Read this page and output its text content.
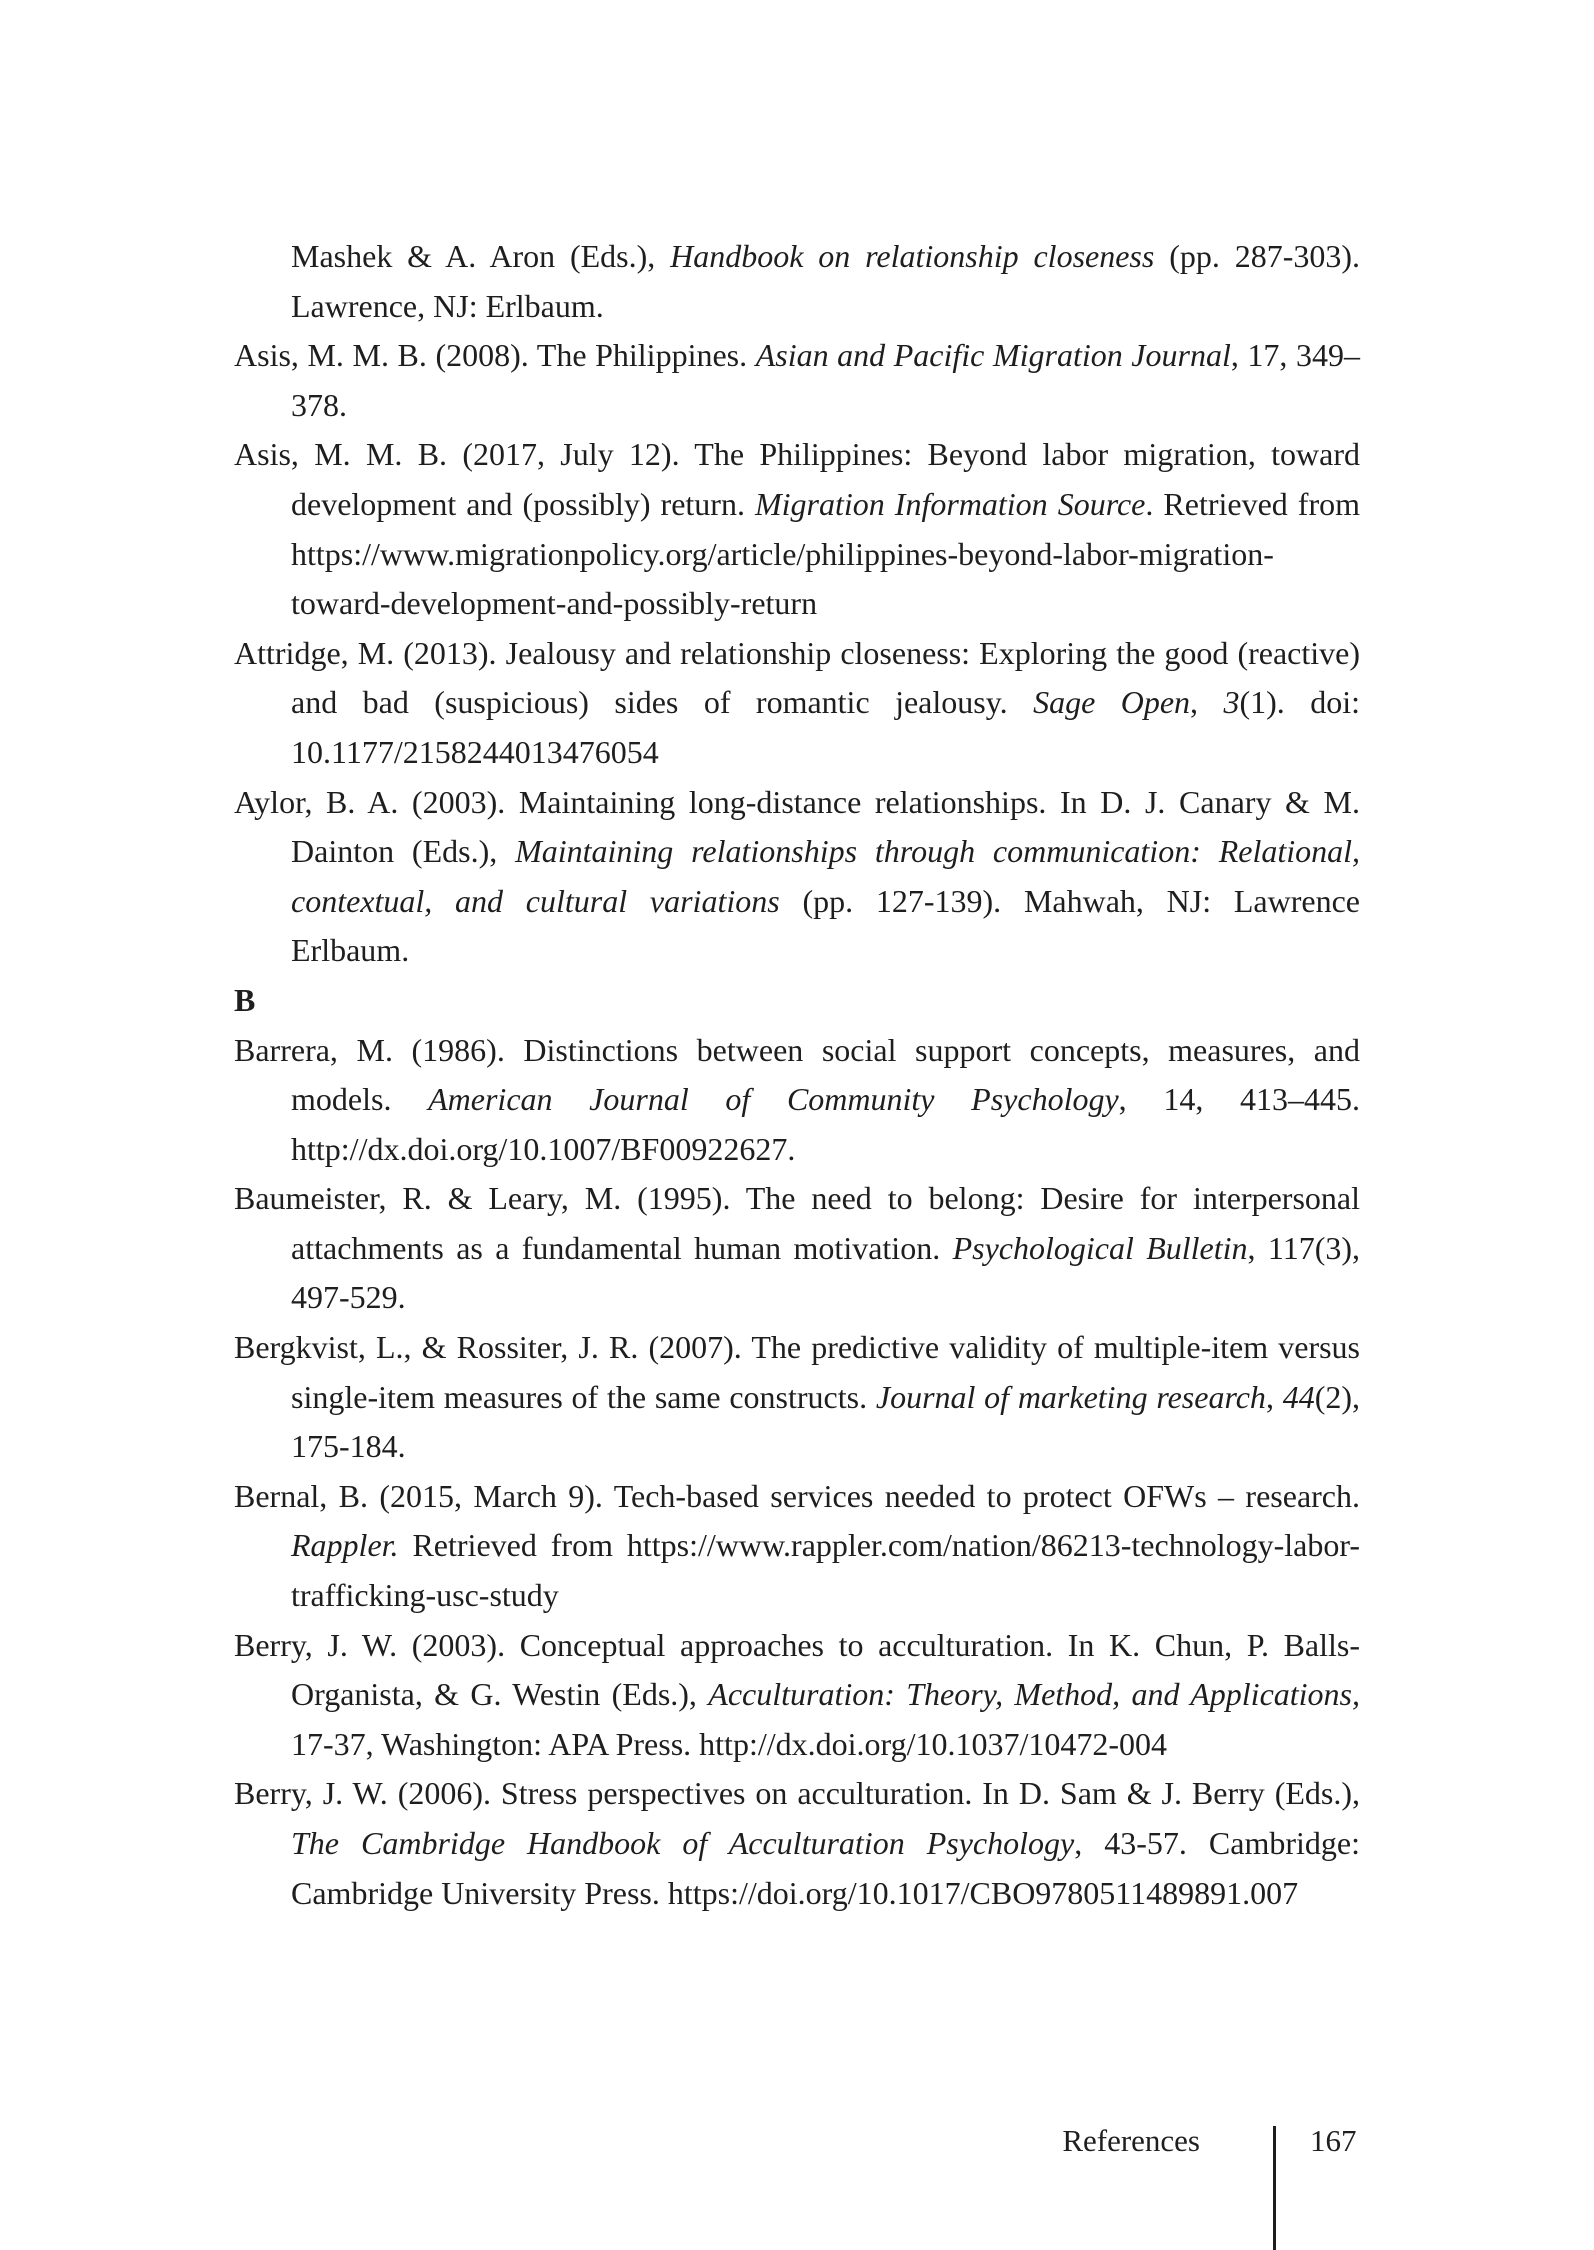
Mashek & A. Aron (Eds.), Handbook on relationship closeness (pp. 287-303). Lawrence, NJ: Erlbaum.

Asis, M. M. B. (2008). The Philippines. Asian and Pacific Migration Journal, 17, 349–378.

Asis, M. M. B. (2017, July 12). The Philippines: Beyond labor migration, toward development and (possibly) return. Migration Information Source. Retrieved from https://www.migrationpolicy.org/article/philippines-beyond-labor-migration-toward-development-and-possibly-return

Attridge, M. (2013). Jealousy and relationship closeness: Exploring the good (reactive) and bad (suspicious) sides of romantic jealousy. Sage Open, 3(1). doi: 10.1177/2158244013476054

Aylor, B. A. (2003). Maintaining long-distance relationships. In D. J. Canary & M. Dainton (Eds.), Maintaining relationships through communication: Relational, contextual, and cultural variations (pp. 127-139). Mahwah, NJ: Lawrence Erlbaum.

B

Barrera, M. (1986). Distinctions between social support concepts, measures, and models. American Journal of Community Psychology, 14, 413–445. http://dx.doi.org/10.1007/BF00922627.

Baumeister, R. & Leary, M. (1995). The need to belong: Desire for interpersonal attachments as a fundamental human motivation. Psychological Bulletin, 117(3), 497-529.

Bergkvist, L., & Rossiter, J. R. (2007). The predictive validity of multiple-item versus single-item measures of the same constructs. Journal of marketing research, 44(2), 175-184.

Bernal, B. (2015, March 9). Tech-based services needed to protect OFWs – research. Rappler. Retrieved from https://www.rappler.com/nation/86213-technology-labor-trafficking-usc-study

Berry, J. W. (2003). Conceptual approaches to acculturation. In K. Chun, P. Balls-Organista, & G. Westin (Eds.), Acculturation: Theory, Method, and Applications, 17-37, Washington: APA Press. http://dx.doi.org/10.1037/10472-004

Berry, J. W. (2006). Stress perspectives on acculturation. In D. Sam & J. Berry (Eds.), The Cambridge Handbook of Acculturation Psychology, 43-57. Cambridge: Cambridge University Press. https://doi.org/10.1017/CBO9780511489891.007

References	167
